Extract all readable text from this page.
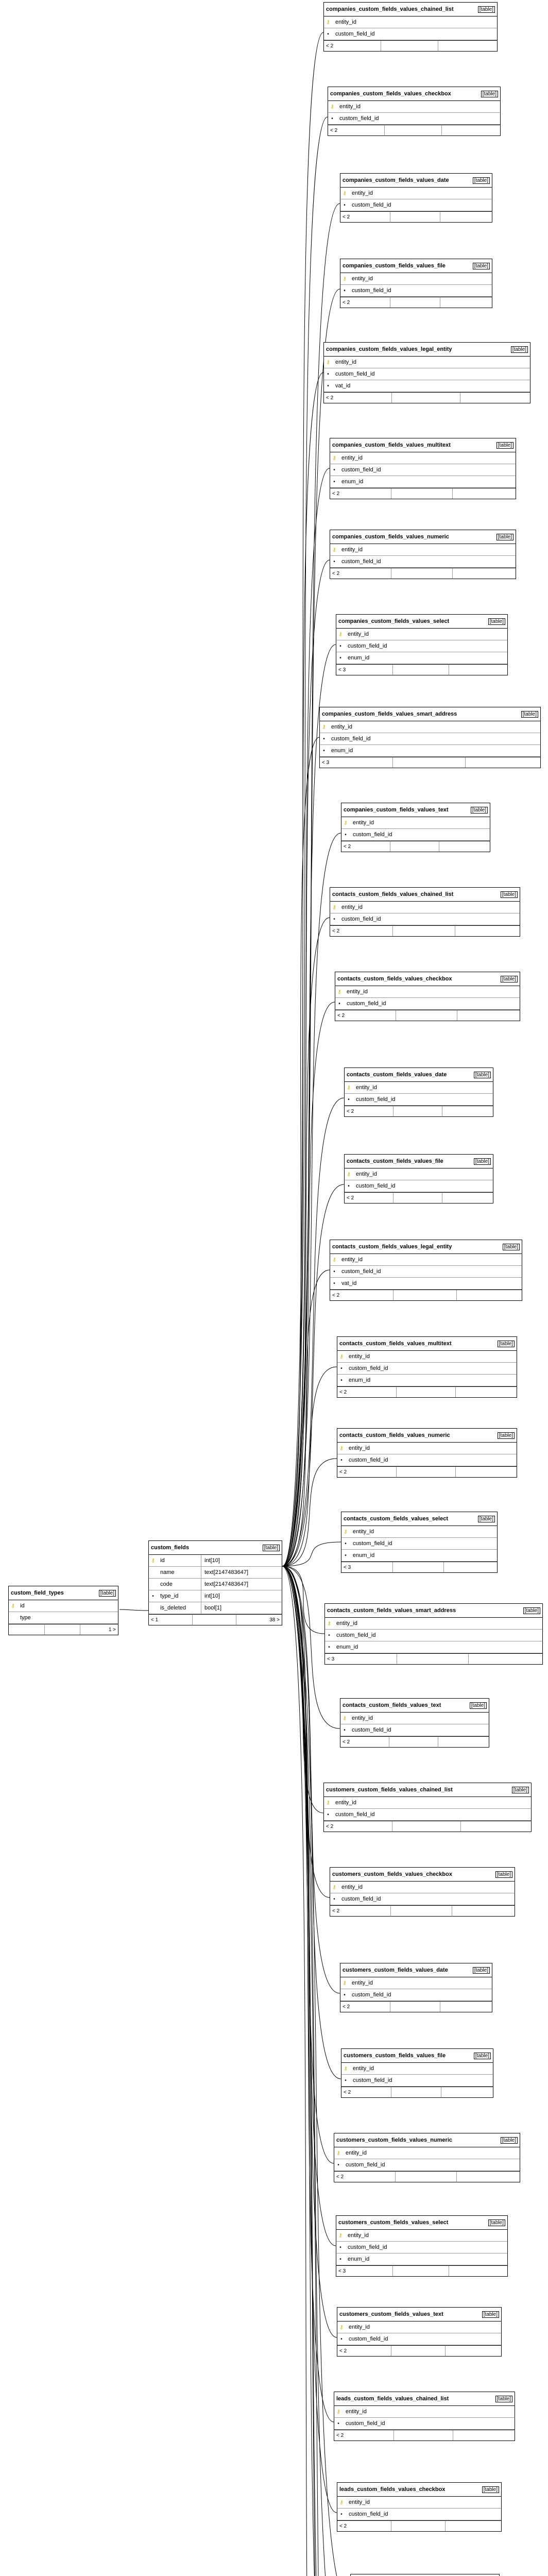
custom_field_types	[table]
⚷ id
type
1 >
custom_fields	[table]
⚷ id	int[10]
name	text[2147483647]
code	text[2147483647]
•	type_id	int[10]
is_deleted	bool[1]
< 1	38 >
companies_custom_fields_values_chained_list	[table]
⚷ entity_id
•	custom_field_id
< 2
companies_custom_fields_values_checkbox	[table]
⚷ entity_id
•	custom_field_id
< 2
companies_custom_fields_values_date	[table]
⚷ entity_id
•	custom_field_id
< 2
companies_custom_fields_values_file	[table]
⚷ entity_id
•	custom_field_id
< 2
companies_custom_fields_values_legal_entity	[table]
⚷ entity_id
•	custom_field_id
•	vat_id
< 2
companies_custom_fields_values_multitext	[table]
⚷ entity_id
•	custom_field_id
•	enum_id
< 2
companies_custom_fields_values_numeric	[table]
⚷ entity_id
•	custom_field_id
< 2
companies_custom_fields_values_select	[table]
⚷ entity_id
•	custom_field_id
•	enum_id
< 3
companies_custom_fields_values_smart_address	[table]
⚷ entity_id
•	custom_field_id
•	enum_id
< 3
companies_custom_fields_values_text	[table]
⚷ entity_id
•	custom_field_id
< 2
contacts_custom_fields_values_chained_list	[table]
⚷ entity_id
•	custom_field_id
< 2
contacts_custom_fields_values_checkbox	[table]
⚷ entity_id
•	custom_field_id
< 2
contacts_custom_fields_values_date	[table]
⚷ entity_id
•	custom_field_id
< 2
contacts_custom_fields_values_file	[table]
⚷ entity_id
•	custom_field_id
< 2
contacts_custom_fields_values_legal_entity	[table]
⚷ entity_id
•	custom_field_id
•	vat_id
< 2
contacts_custom_fields_values_multitext	[table]
⚷ entity_id
•	custom_field_id
•	enum_id
< 2
contacts_custom_fields_values_numeric	[table]
⚷ entity_id
•	custom_field_id
< 2
contacts_custom_fields_values_select	[table]
⚷ entity_id
•	custom_field_id
•	enum_id
< 3
contacts_custom_fields_values_smart_address	[table]
⚷ entity_id
•	custom_field_id
•	enum_id
< 3
contacts_custom_fields_values_text	[table]
⚷ entity_id
•	custom_field_id
< 2
customers_custom_fields_values_chained_list	[table]
⚷ entity_id
•	custom_field_id
< 2
customers_custom_fields_values_checkbox	[table]
⚷ entity_id
•	custom_field_id
< 2
customers_custom_fields_values_date	[table]
⚷ entity_id
•	custom_field_id
< 2
customers_custom_fields_values_file	[table]
⚷ entity_id
•	custom_field_id
< 2
customers_custom_fields_values_numeric	[table]
⚷ entity_id
•	custom_field_id
< 2
customers_custom_fields_values_select	[table]
⚷ entity_id
•	custom_field_id
•	enum_id
< 3
customers_custom_fields_values_text	[table]
⚷ entity_id
•	custom_field_id
< 2
leads_custom_fields_values_chained_list	[table]
⚷ entity_id
•	custom_field_id
< 2
leads_custom_fields_values_checkbox	[table]
⚷ entity_id
•	custom_field_id
< 2
